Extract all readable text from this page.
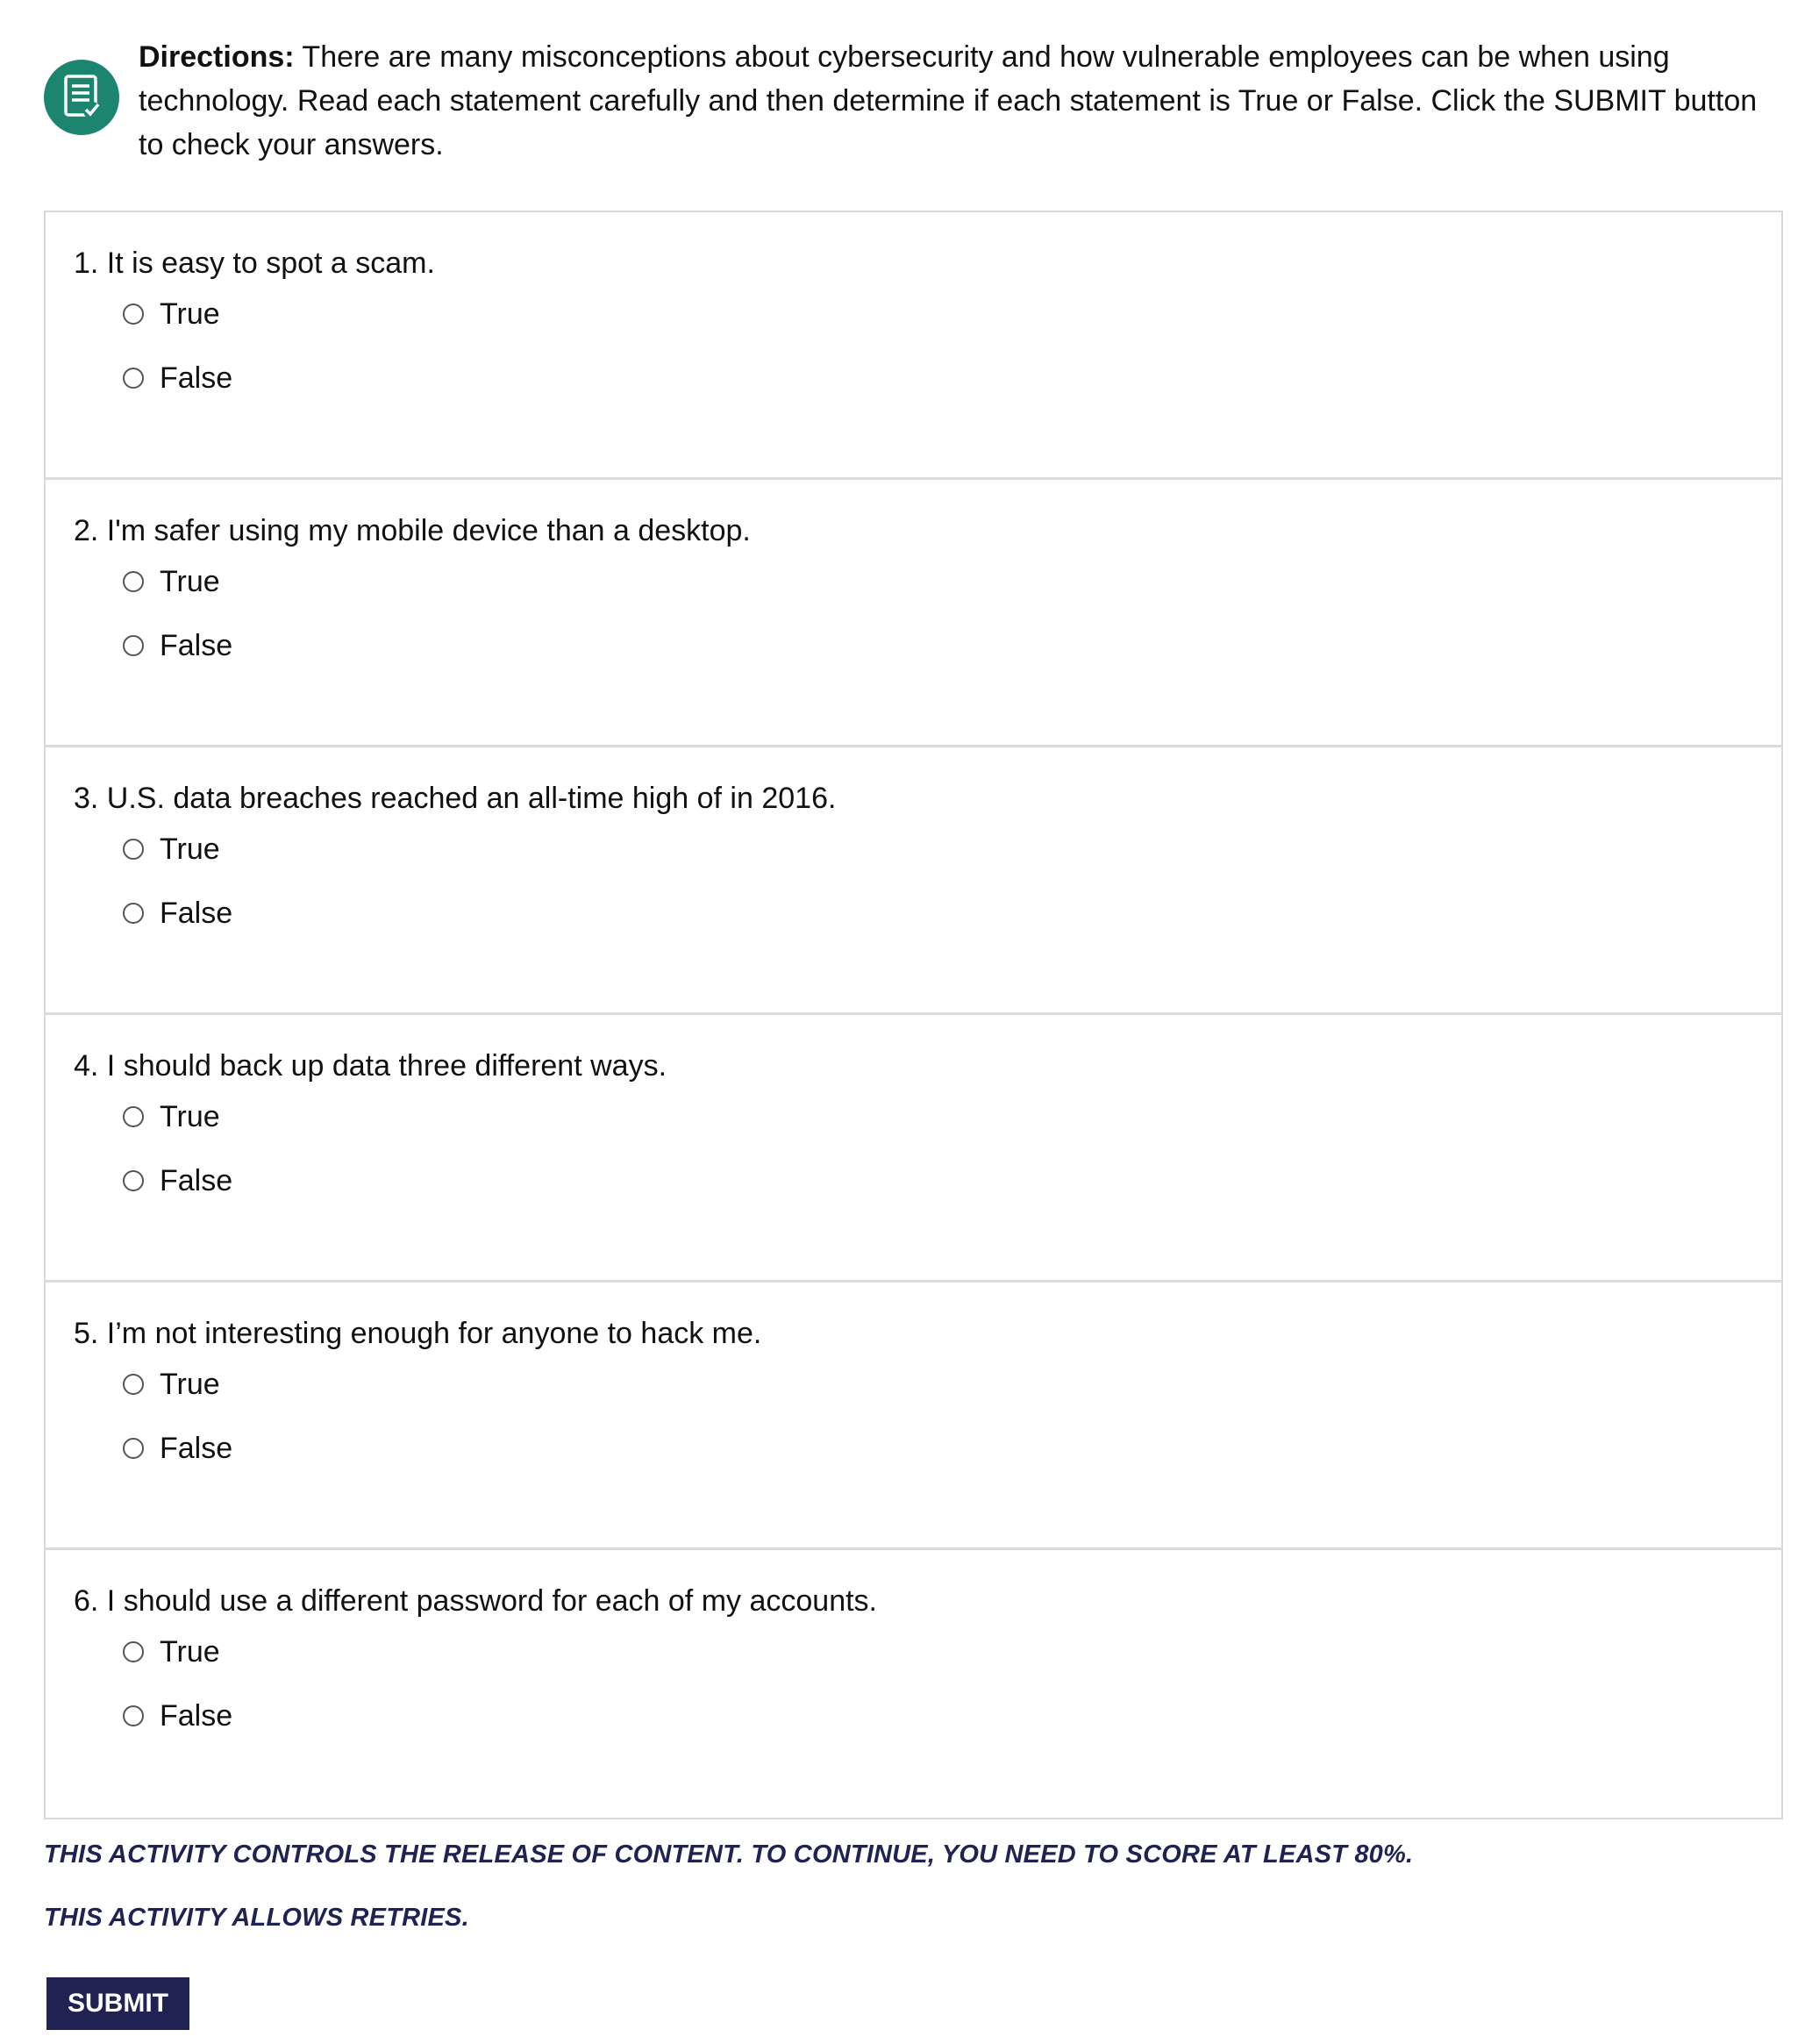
Directions: There are many misconceptions about cybersecurity and how vulnerable employees can be when using technology. Read each statement carefully and then determine if each statement is True or False. Click the SUBMIT button to check your answers.
1. It is easy to spot a scam.
True
False
2. I'm safer using my mobile device than a desktop.
True
False
3. U.S. data breaches reached an all-time high of in 2016.
True
False
4. I should back up data three different ways.
True
False
5. I’m not interesting enough for anyone to hack me.
True
False
6. I should use a different password for each of my accounts.
True
False
THIS ACTIVITY CONTROLS THE RELEASE OF CONTENT. TO CONTINUE, YOU NEED TO SCORE AT LEAST 80%.
THIS ACTIVITY ALLOWS RETRIES.
SUBMIT
